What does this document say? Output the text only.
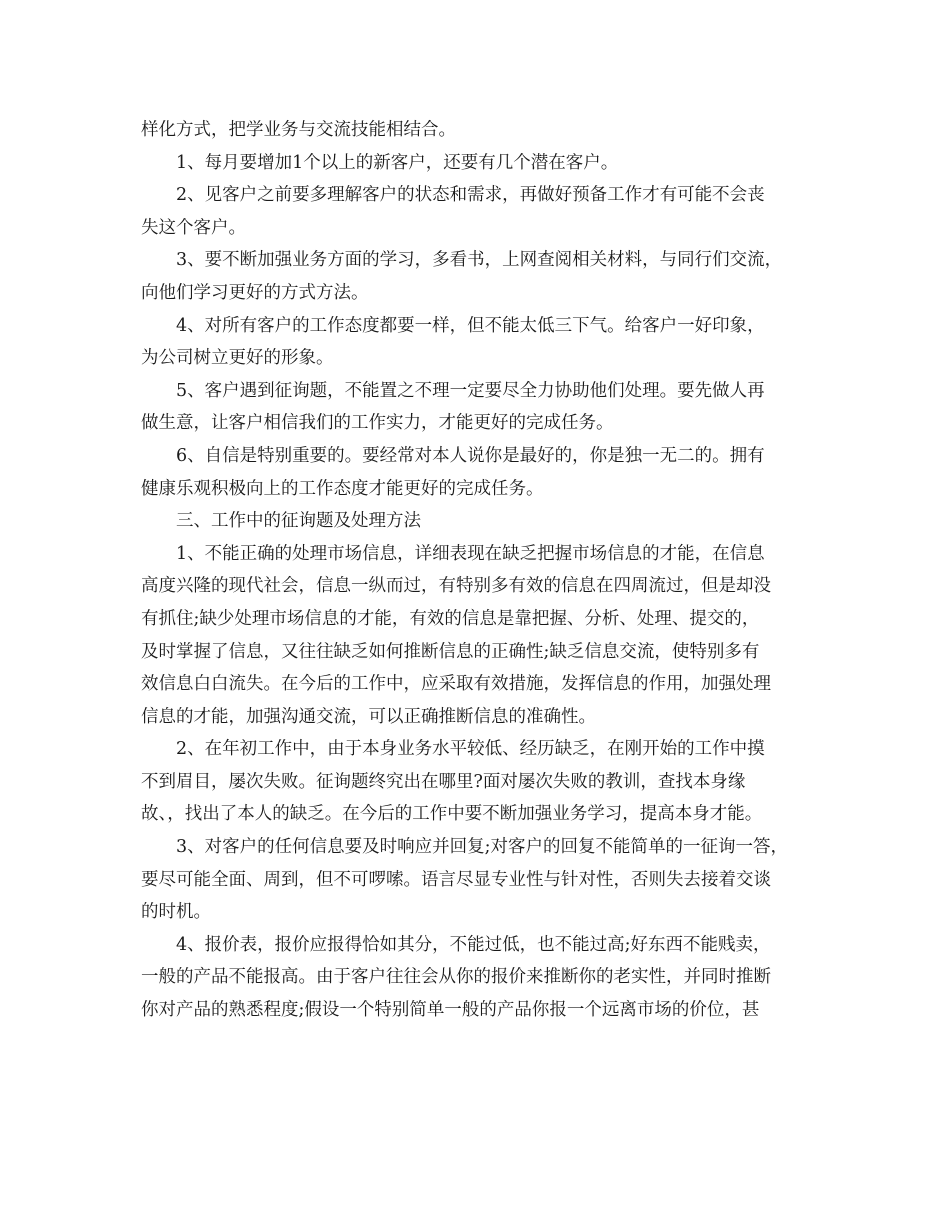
样化方式，把学业务与交流技能相结合。
1、每月要增加1个以上的新客户，还要有几个潜在客户。
2、见客户之前要多理解客户的状态和需求，再做好预备工作才有可能不会丧
失这个客户。
3、要不断加强业务方面的学习，多看书，上网查阅相关材料，与同行们交流，
向他们学习更好的方式方法。
4、对所有客户的工作态度都要一样，但不能太低三下气。给客户一好印象，
为公司树立更好的形象。
5、客户遇到征询题，不能置之不理一定要尽全力协助他们处理。要先做人再
做生意，让客户相信我们的工作实力，才能更好的完成任务。
6、自信是特别重要的。要经常对本人说你是最好的，你是独一无二的。拥有
健康乐观积极向上的工作态度才能更好的完成任务。
三、工作中的征询题及处理方法
1、不能正确的处理市场信息，详细表现在缺乏把握市场信息的才能，在信息
高度兴隆的现代社会，信息一纵而过，有特别多有效的信息在四周流过，但是却没
有抓住;缺少处理市场信息的才能，有效的信息是靠把握、分析、处理、提交的，
及时掌握了信息，又往往缺乏如何推断信息的正确性;缺乏信息交流，使特别多有
效信息白白流失。在今后的工作中，应采取有效措施，发挥信息的作用，加强处理
信息的才能，加强沟通交流，可以正确推断信息的准确性。
2、在年初工作中，由于本身业务水平较低、经历缺乏，在刚开始的工作中摸
不到眉目，屡次失败。征询题终究出在哪里?面对屡次失败的教训，查找本身缘
故、，找出了本人的缺乏。在今后的工作中要不断加强业务学习，提高本身才能。
3、对客户的任何信息要及时响应并回复;对客户的回复不能简单的一征询一答，
要尽可能全面、周到，但不可啰嗦。语言尽显专业性与针对性，否则失去接着交谈
的时机。
4、报价表，报价应报得恰如其分，不能过低，也不能过高;好东西不能贱卖，
一般的产品不能报高。由于客户往往会从你的报价来推断你的老实性，并同时推断
你对产品的熟悉程度;假设一个特别简单一般的产品你报一个远离市场的价位，甚
